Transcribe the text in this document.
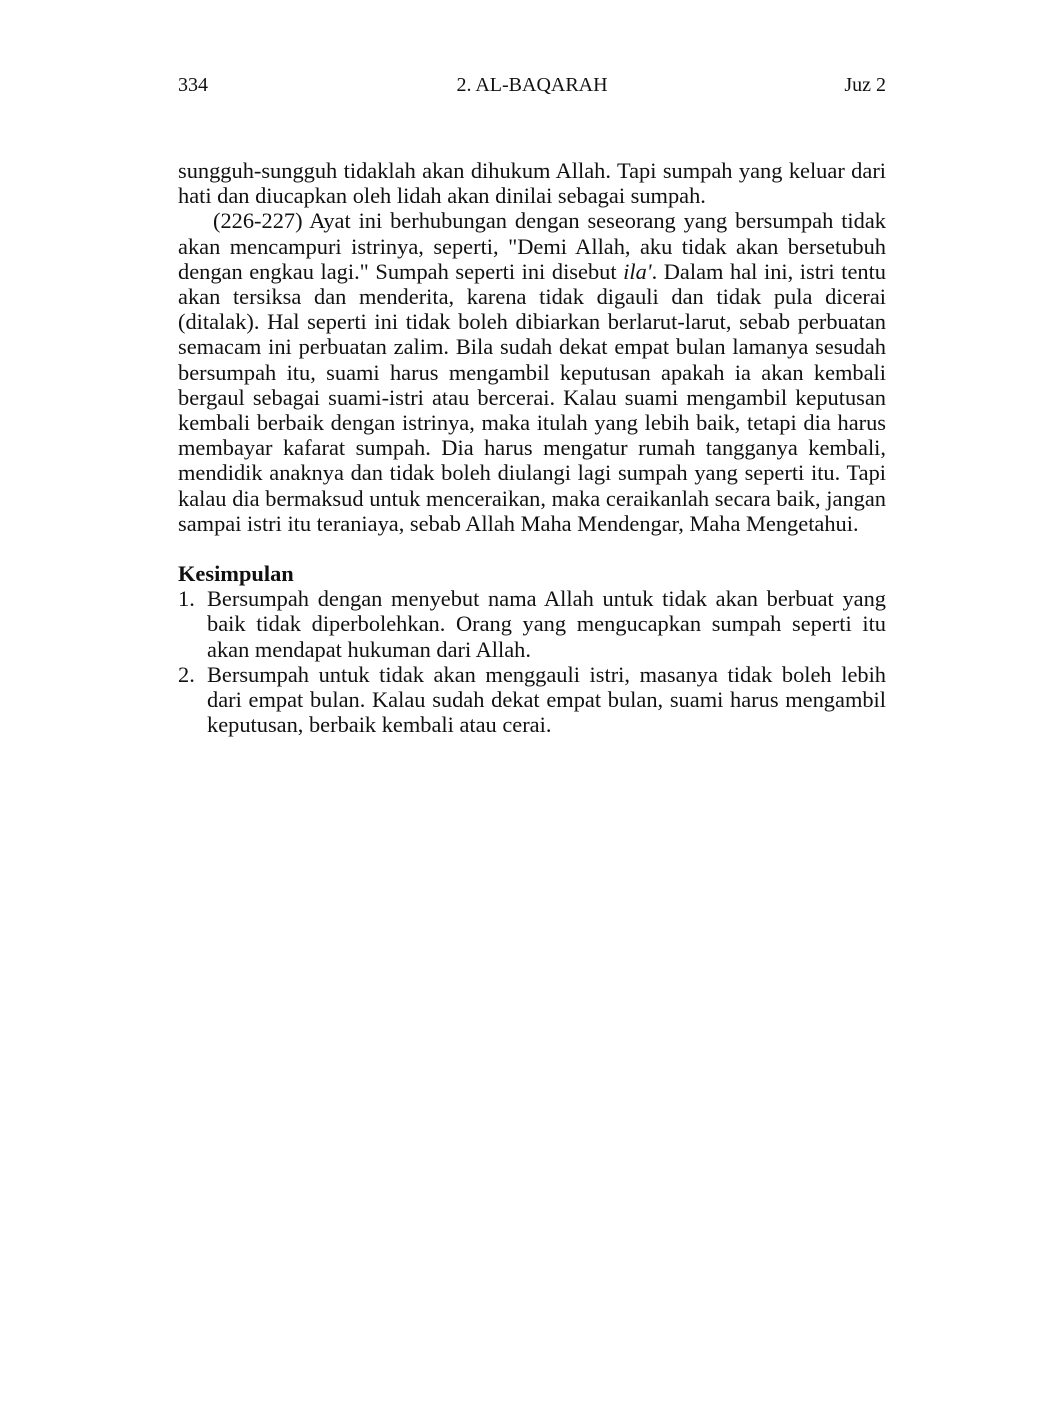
334	2. AL-BAQARAH	Juz 2

sungguh-sungguh tidaklah akan dihukum Allah. Tapi sumpah yang keluar dari hati dan diucapkan oleh lidah akan dinilai sebagai sumpah.

(226-227) Ayat ini berhubungan dengan seseorang yang bersumpah tidak akan mencampuri istrinya, seperti, "Demi Allah, aku tidak akan bersetubuh dengan engkau lagi." Sumpah seperti ini disebut ila'. Dalam hal ini, istri tentu akan tersiksa dan menderita, karena tidak digauli dan tidak pula dicerai (ditalak). Hal seperti ini tidak boleh dibiarkan berlarut-larut, sebab perbuatan semacam ini perbuatan zalim. Bila sudah dekat empat bulan lamanya sesudah bersumpah itu, suami harus mengambil keputusan apakah ia akan kembali bergaul sebagai suami-istri atau bercerai. Kalau suami mengambil keputusan kembali berbaik dengan istrinya, maka itulah yang lebih baik, tetapi dia harus membayar kafarat sumpah. Dia harus mengatur rumah tangganya kembali, mendidik anaknya dan tidak boleh diulangi lagi sumpah yang seperti itu. Tapi kalau dia bermaksud untuk menceraikan, maka ceraikanlah secara baik, jangan sampai istri itu teraniaya, sebab Allah Maha Mendengar, Maha Mengetahui.

Kesimpulan

1. Bersumpah dengan menyebut nama Allah untuk tidak akan berbuat yang baik tidak diperbolehkan. Orang yang mengucapkan sumpah seperti itu akan mendapat hukuman dari Allah.
2. Bersumpah untuk tidak akan menggauli istri, masanya tidak boleh lebih dari empat bulan. Kalau sudah dekat empat bulan, suami harus mengambil keputusan, berbaik kembali atau cerai.
